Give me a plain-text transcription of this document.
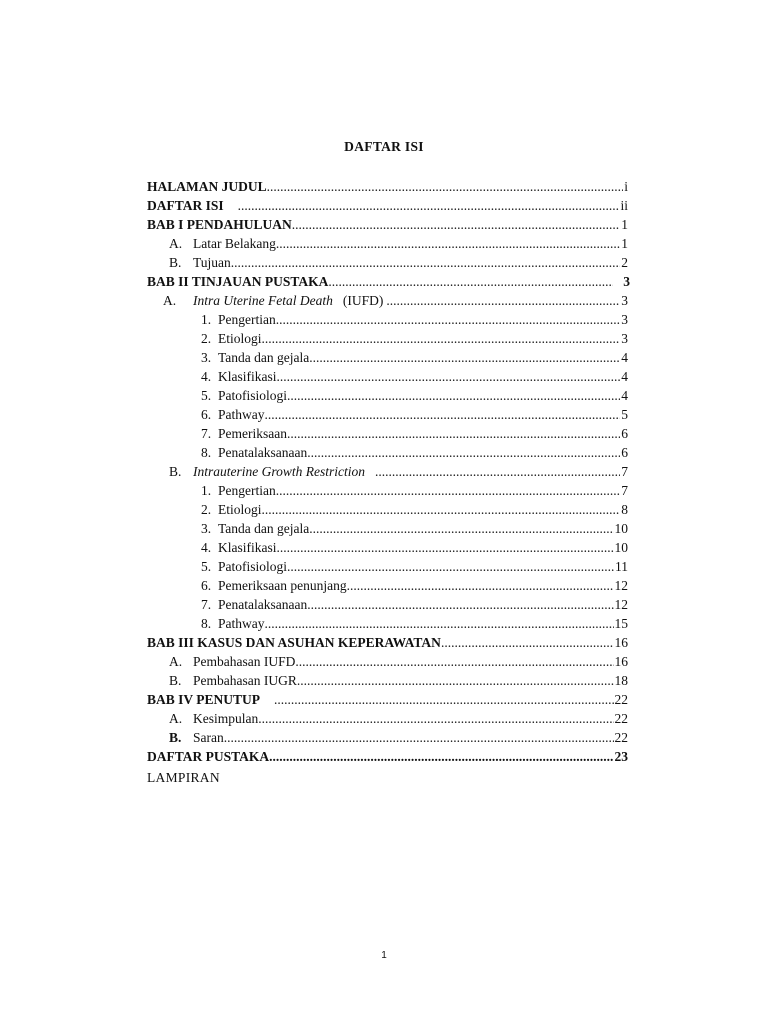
DAFTAR ISI
HALAMAN JUDUL .....	i
DAFTAR ISI .....	ii
BAB I PENDAHULUAN .....	1
A. Latar Belakang .....	1
B. Tujuan .....	2
BAB II TINJAUAN PUSTAKA .....	3
A.	Intra Uterine Fetal Death (IUFD) .....	3
1. Pengertian .....	3
2. Etiologi .....	3
3. Tanda dan gejala .....	4
4. Klasifikasi .....	4
5. Patofisiologi .....	4
6. Pathway .....	5
7. Pemeriksaan .....	6
8. Penatalaksanaan .....	6
B. Intrauterine Growth Restriction .....	7
1. Pengertian .....	7
2. Etiologi .....	8
3. Tanda dan gejala .....	10
4. Klasifikasi .....	10
5. Patofisiologi .....	11
6. Pemeriksaan penunjang .....	12
7. Penatalaksanaan .....	12
8. Pathway .....	15
BAB III KASUS DAN ASUHAN KEPERAWATAN .....	16
A. Pembahasan IUFD .....	16
B. Pembahasan IUGR .....	18
BAB IV PENUTUP .....	22
A. Kesimpulan .....	22
B. Saran .....	22
DAFTAR PUSTAKA .....	23
LAMPIRAN
1
